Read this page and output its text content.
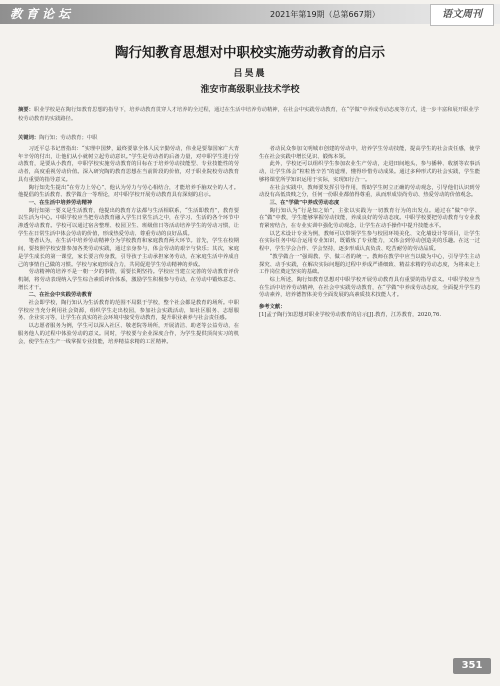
教育论坛	2021年第19期（总第667期）	语文周刊
陶行知教育思想对中职校实施劳动教育的启示
吕昊晨
淮安市高级职业技术学校
摘要：职业学校是在陶行知教育思想的指导下，培养动教育贯穿人才培养的全过程，通过在生活中培养劳动精神，在社会中实践劳动教育，在“学做”中养成劳动态度等方式，进一步丰富和展开职业学校劳动教育的实践路径。
关键词：陶行知；劳动教育；中职

习近平总书记曾指出：“实理中国梦，最终要靠全体人民辛勤劳动，伟业是要靠国家广大青年辛劳的付出，让他们从小就树立起劳动意识。”学生是劳动者的后备力量，对中职学生进行劳动教育，是要从小教育，中职学校实施劳动教育的目标在于培养劳动技能型、专业技能性的劳动者，高度重视劳动价值。深入研究陶的教育思想在当前阶段的价值，对于职业院校劳动教育具有重要的指导意义。

陶行知先生提出“在劳力上劳心”，他认为劳力与劳心相结合，才能培养手脑双全的人才。他提倡的生活教育、教学做合一等理论，对中职学校开展劳动教育具有深刻的启示。

一、在生活中培养劳动精神

陶行知第一要义是生活教育，他提出的教育方法都与生活相联系，“生活即教育”，教育要以生活为中心。中职学校应当把劳动教育融入学生日常生活之中，在学习、生活的各个环节中渗透劳动教育。学校可以通过宿舍整理、校园卫生、班级值日等活动培养学生的劳动习惯，让学生在日常生活中体会劳动的价值，形成热爱劳动、尊重劳动的良好品质。

笔者认为，在生活中培养劳动精神分为学校教育和家庭教育两大环节。首先，学生在校期间，要按照学校安排参加各类劳动实践，通过亲身参与，体会劳动的艰辛与快乐；其次，家庭是学生成长的第一课堂，家长要言传身教，引导孩子主动承担家务劳动，在家庭生活中养成自己的事情自己做的习惯。学校与家庭形成合力，共同促进学生劳动精神的养成。

劳动精神的培养不是一朝一夕的事情，需要长期坚持。学校应当建立完善的劳动教育评价机制，将劳动表现纳入学生综合素质评价体系，激励学生积极参与劳动，在劳动中锻炼意志、增长才干。

二、在社会中实践劳动教育

社会即学校，陶行知认为生活教育的范围不局限于学校，整个社会都是教育的场所。中职学校应当充分利用社会资源，组织学生走出校园，参加社会实践活动，如社区服务、志愿服务、企业实习等，让学生在真实的社会环境中接受劳动教育，提升职业素养与社会责任感。

以志愿者服务为例，学生可以深入社区、敬老院等场所，开展清洁、助老等公益劳动，在服务他人的过程中体验劳动的意义。同时，学校要与企业深度合作，为学生提供顶岗实习的机会，使学生在生产一线掌握专业技能，培养精益求精的工匠精神。

者动民众参加文明城市创建的劳动中，培养学生劳动技能，提高学生的社会责任感，使学生在社会实践中增长见识、锻炼本领。

此外，学校还可以组织学生参加农业生产劳动，走进田间地头，参与播种、收割等农事活动，让学生体会“粒粒皆辛苦”的道理，懂得珍惜劳动成果。通过多种形式的社会实践，学生能够将课堂所学知识运用于实际，实现知行合一。

在社会实践中，教师要发挥引导作用，帮助学生树立正确的劳动观念，引导他们认识到劳动没有高低贵贱之分，任何一份职业都值得尊重，从而形成崇尚劳动、热爱劳动的价值观念。

三、在“学做”中养成劳动态度

陶行知认为“行是知之始”，主张以实践为一切教育行为的出发点。通过在“做”中学、在“做”中教，学生能够掌握劳动技能，养成良好的劳动态度。中职学校要把劳动教育与专业教育紧密结合，在专业实训中强化劳动观念，让学生在动手操作中提升技能水平。

以艺术设计专业为例，教师可以带领学生参与校园环境美化、文化墙设计等项目，让学生在实际任务中综合运用专业知识，既锻炼了专业能力，又体会到劳动创造美的乐趣。在这一过程中，学生学会合作、学会坚持，逐步形成认真负责、吃苦耐劳的劳动品质。

“教学做合一”强调教、学、做三者的统一。教师在教学中应当以做为中心，引导学生主动探究、动手实践，在解决实际问题的过程中养成严谨细致、精益求精的劳动态度，为将来走上工作岗位奠定坚实的基础。

综上所述，陶行知教育思想对中职学校开展劳动教育具有重要的指导意义。中职学校应当在生活中培养劳动精神，在社会中实践劳动教育，在“学做”中养成劳动态度，全面提升学生的劳动素养，培养德智体美劳全面发展的高素质技术技能人才。

参考文献：

[1]孟子陶行知思想对职业学校劳动教育的启示[J].教育，江苏教育，2020,76.

351
